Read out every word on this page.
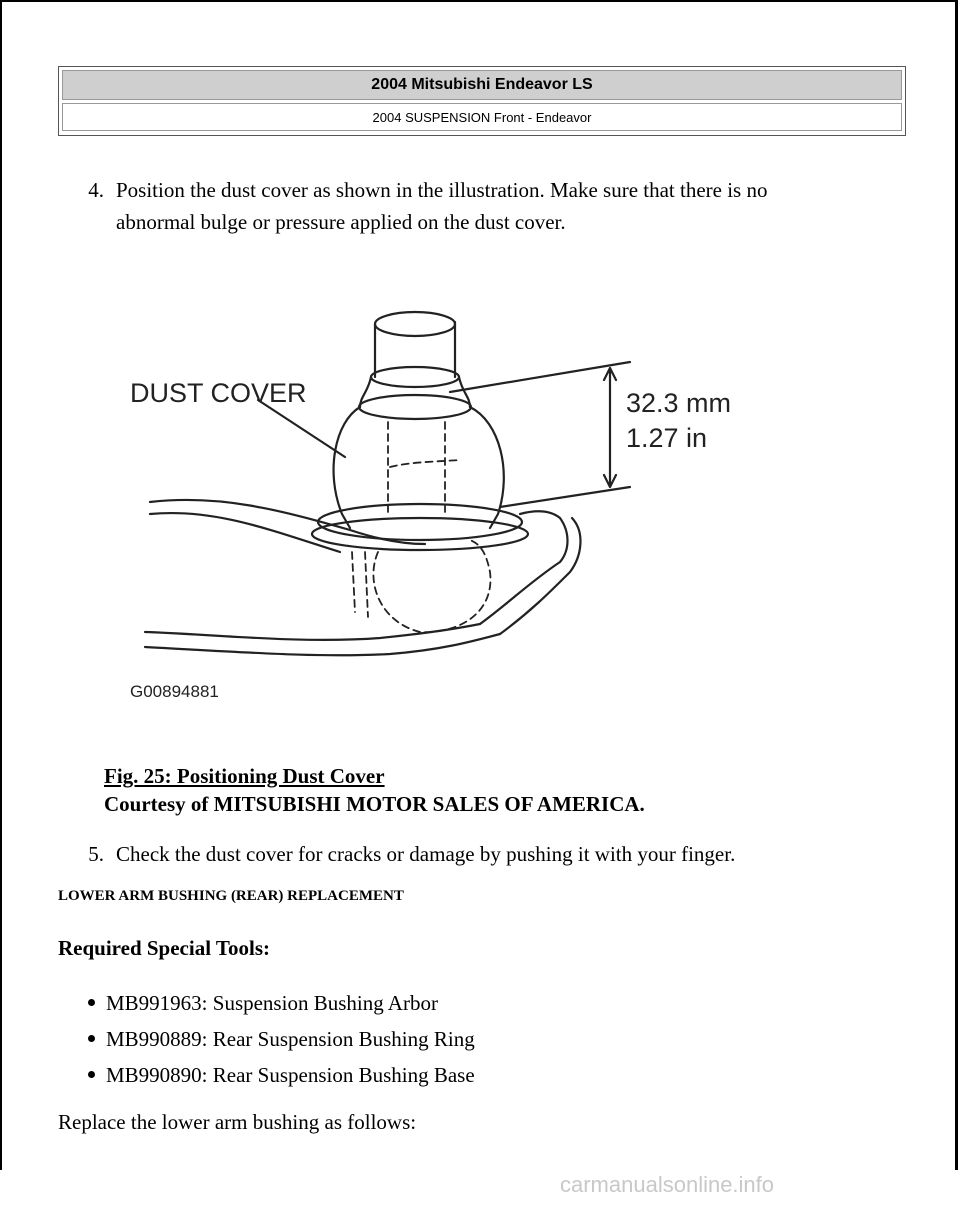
2004 Mitsubishi Endeavor LS
2004 SUSPENSION Front - Endeavor
4. Position the dust cover as shown in the illustration. Make sure that there is no
abnormal bulge or pressure applied on the dust cover.
DUST COVER	32.3 mm
1.27 in
G00894881
Fig. 25: Positioning Dust Cover
Courtesy of MITSUBISHI MOTOR SALES OF AMERICA.
5. Check the dust cover for cracks or damage by pushing it with your finger.
LOWER ARM BUSHING (REAR) REPLACEMENT
Required Special Tools:
MB991963: Suspension Bushing Arbor
MB990889: Rear Suspension Bushing Ring
MB990890: Rear Suspension Bushing Base
Replace the lower arm bushing as follows:
carmanualsonline.info
